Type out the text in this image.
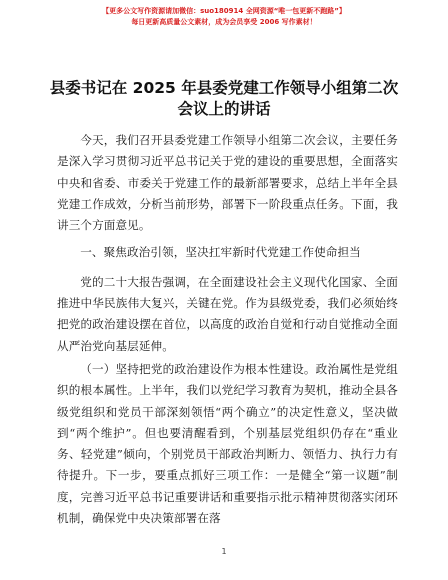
【更多公文写作资源请加微信：suo180914 全网资源“唯一包更新不跑路”】
每日更新高质量公文素材，成为会员享受 2006 写作素材！
县委书记在 2025 年县委党建工作领导小组第二次会议上的讲话

今天，我们召开县委党建工作领导小组第二次会议，主要任务是深入学习贯彻习近平总书记关于党的建设的重要思想，全面落实中央和省委、市委关于党建工作的最新部署要求，总结上半年全县党建工作成效，分析当前形势，部署下一阶段重点任务。下面，我讲三个方面意见。

一、聚焦政治引领，坚决扛牢新时代党建工作使命担当

党的二十大报告强调，在全面建设社会主义现代化国家、全面推进中华民族伟大复兴，关键在党。作为县级党委，我们必须始终把党的政治建设摆在首位，以高度的政治自觉和行动自觉推动全面从严治党向基层延伸。

（一）坚持把党的政治建设作为根本性建设。政治属性是党组织的根本属性。上半年，我们以党纪学习教育为契机，推动全县各级党组织和党员干部深刻领悟“两个确立”的决定性意义，坚决做到“两个维护”。但也要清醒看到，个别基层党组织仍存在“重业务、轻党建”倾向，个别党员干部政治判断力、领悟力、执行力有待提升。下一步，要重点抓好三项工作：一是健全“第一议题”制度，完善习近平总书记重要讲话和重要指示批示精神贯彻落实闭环机制，确保党中央决策部署在落

1
